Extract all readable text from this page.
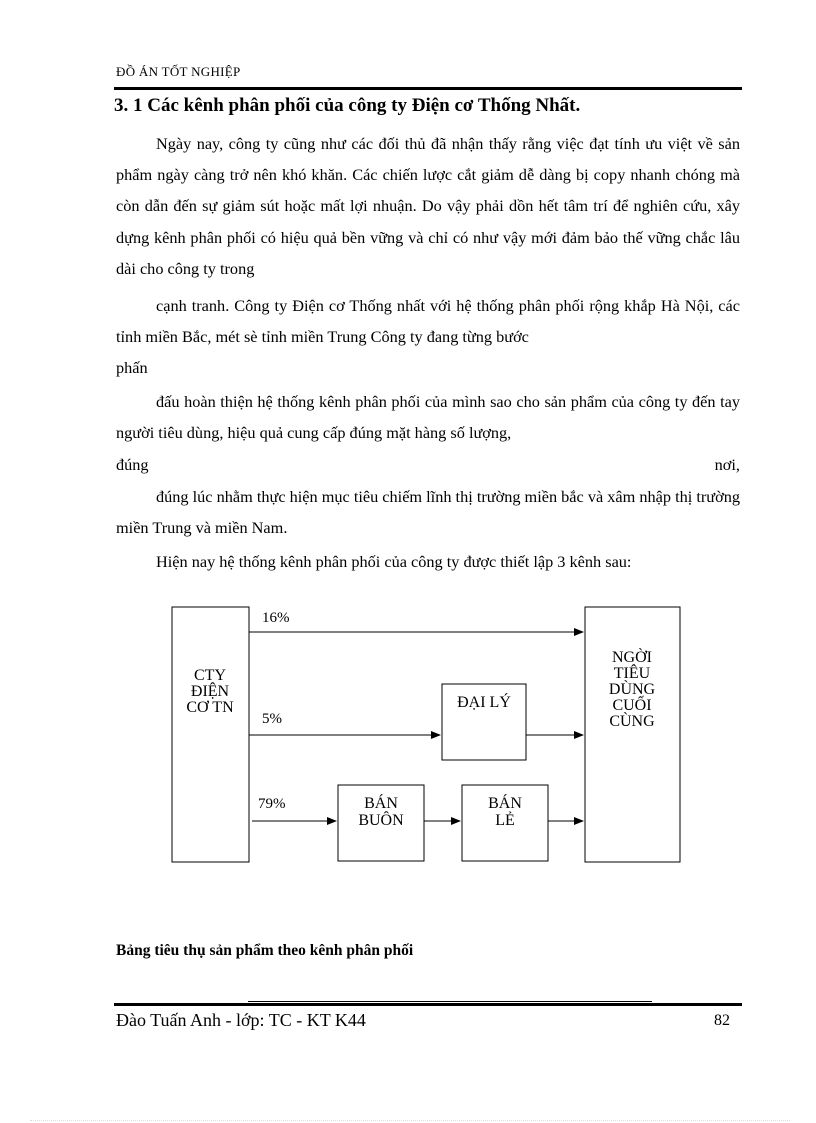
ĐỒ ÁN TỐT NGHIỆP
3. 1 Các kênh phân phối của công ty Điện cơ Thống Nhất.

Ngày nay, công ty cũng như các đối thủ đã nhận thấy rằng việc đạt tính ưu việt về sản phẩm ngày càng trở nên khó khăn. Các chiến lược cắt giảm dễ dàng bị copy nhanh chóng mà còn dẫn đến sự giảm sút hoặc mất lợi nhuận. Do vậy phải dồn hết tâm trí để nghiên cứu, xây dựng kênh phân phối có hiệu quả bền vững và chỉ có như vậy mới đảm bảo thế vững chắc lâu dài cho công ty trong

cạnh tranh. Công ty Điện cơ Thống nhất với hệ thống phân phối rộng khắp Hà Nội, các tỉnh miền Bắc, mét sè tỉnh miền Trung Công ty đang từng bước

phấn

đấu hoàn thiện hệ thống kênh phân phối của mình sao cho sản phẩm của công ty đến tay người tiêu dùng, hiệu quả cung cấp đúng mặt hàng số lượng,

đúng	nơi,

đúng lúc nhằm thực hiện mục tiêu chiếm lĩnh thị trường miền bắc và xâm nhập thị trường miền Trung và miền Nam.

Hiện nay hệ thống kênh phân phối của công ty được thiết lập 3 kênh sau:

CTY
ĐIỆN
CƠ TN
NGỜI
TIÊU
DÙNG
CUỐI
CÙNG
ĐẠI LÝ
BÁN
BUÔN
BÁN
LẺ
16%
5%
79%
Bảng tiêu thụ sản phẩm theo kênh phân phối
Đào Tuấn Anh - lớp: TC - KT K44	82
